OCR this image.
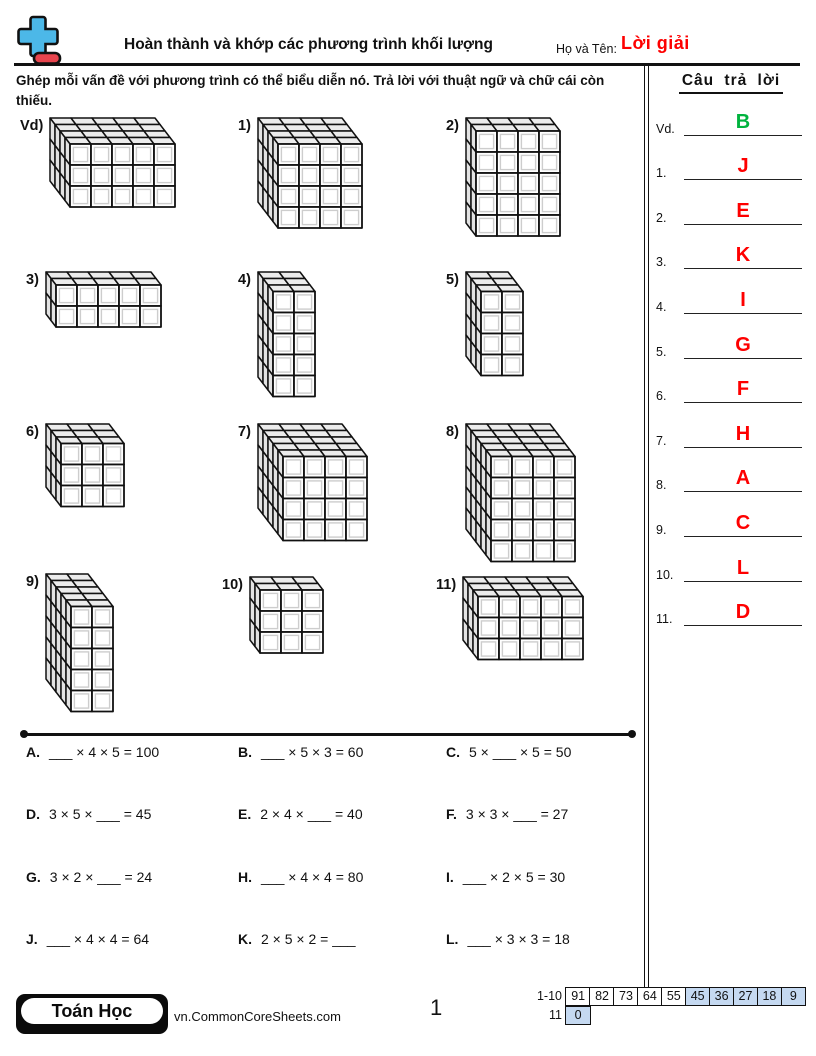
Hoàn thành và khớp các phương trình khối lượng	Họ và Tên: Lời giải
Ghép mỗi vấn đề với phương trình có thể biểu diễn nó. Trả lời với thuật ngữ và chữ cái còn thiếu.
Câu trả lời
Vd.	B
1.	J
2.	E
3.	K
4.	I
5.	G
6.	F
7.	H
8.	A
9.	C
10.	L
11.	D
Vd)	1)	2)
3)	4)	5)
6)	7)	8)
9)	10)	11)
A. ___ × 4 × 5 = 100	B. ___ × 5 × 3 = 60	C. 5 × ___ × 5 = 50
D. 3 × 5 × ___ = 45	E. 2 × 4 × ___ = 40	F. 3 × 3 × ___ = 27
G. 3 × 2 × ___ = 24	H. ___ × 4 × 4 = 80	I. ___ × 2 × 5 = 30
J. ___ × 4 × 4 = 64	K. 2 × 5 × 2 = ___	L. ___ × 3 × 3 = 18
Toán Học	vn.CommonCoreSheets.com	1	1-10 91 82 73 64 55 45 36 27 18	9
11	0
